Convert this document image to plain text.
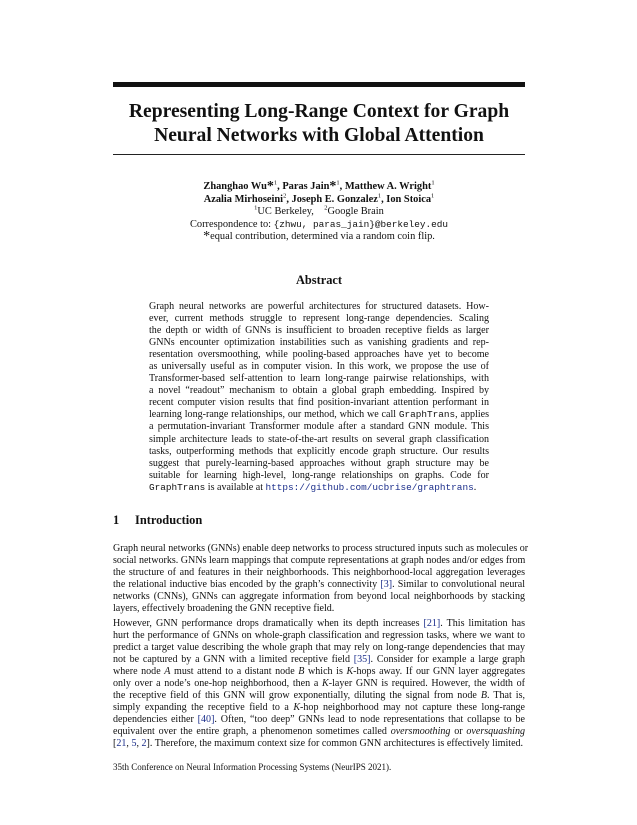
Representing Long-Range Context for Graph
Neural Networks with Global Attention
Zhanghao Wu*$^1$, Paras Jain*$^1$, Matthew A. Wright$^1$
Azalia Mirhoseini$^2$, Joseph E. Gonzalez$^1$, Ion Stoica$^1$
$^1$UC Berkeley, $^2$Google Brain
Correspondence to: {zhwu, paras_jain}@berkeley.edu
*equal contribution, determined via a random coin flip.
Abstract
Graph neural networks are powerful architectures for structured datasets. How-
ever, current methods struggle to represent long-range dependencies. Scaling
the depth or width of GNNs is insufficient to broaden receptive fields as larger
GNNs encounter optimization instabilities such as vanishing gradients and rep-
resentation oversmoothing, while pooling-based approaches have yet to become
as universally useful as in computer vision. In this work, we propose the use of
Transformer-based self-attention to learn long-range pairwise relationships, with
a novel “readout” mechanism to obtain a global graph embedding. Inspired by
recent computer vision results that find position-invariant attention performant in
learning long-range relationships, our method, which we call GraphTrans, applies
a permutation-invariant Transformer module after a standard GNN module. This
simple architecture leads to state-of-the-art results on several graph classification
tasks, outperforming methods that explicitly encode graph structure. Our results
suggest that purely-learning-based approaches without graph structure may be
suitable for learning high-level, long-range relationships on graphs. Code for
GraphTrans is available at https://github.com/ucbrise/graphtrans.
1 Introduction
Graph neural networks (GNNs) enable deep networks to process structured inputs such as molecules or
social networks. GNNs learn mappings that compute representations at graph nodes and/or edges from
the structure of and features in their neighborhoods. This neighborhood-local aggregation leverages
the relational inductive bias encoded by the graph’s connectivity [3]. Similar to convolutional neural
networks (CNNs), GNNs can aggregate information from beyond local neighborhoods by stacking
layers, effectively broadening the GNN receptive field.
However, GNN performance drops dramatically when its depth increases [21]. This limitation has
hurt the performance of GNNs on whole-graph classification and regression tasks, where we want to
predict a target value describing the whole graph that may rely on long-range dependencies that may
not be captured by a GNN with a limited receptive field [35]. Consider for example a large graph
where node A must attend to a distant node B which is K-hops away. If our GNN layer aggregates
only over a node’s one-hop neighborhood, then a K-layer GNN is required. However, the width of
the receptive field of this GNN will grow exponentially, diluting the signal from node B. That is,
simply expanding the receptive field to a K-hop neighborhood may not capture these long-range
dependencies either [40]. Often, “too deep” GNNs lead to node representations that collapse to be
equivalent over the entire graph, a phenomenon sometimes called oversmoothing or oversquashing
[21, 5, 2]. Therefore, the maximum context size for common GNN architectures is effectively limited.
35th Conference on Neural Information Processing Systems (NeurIPS 2021).
